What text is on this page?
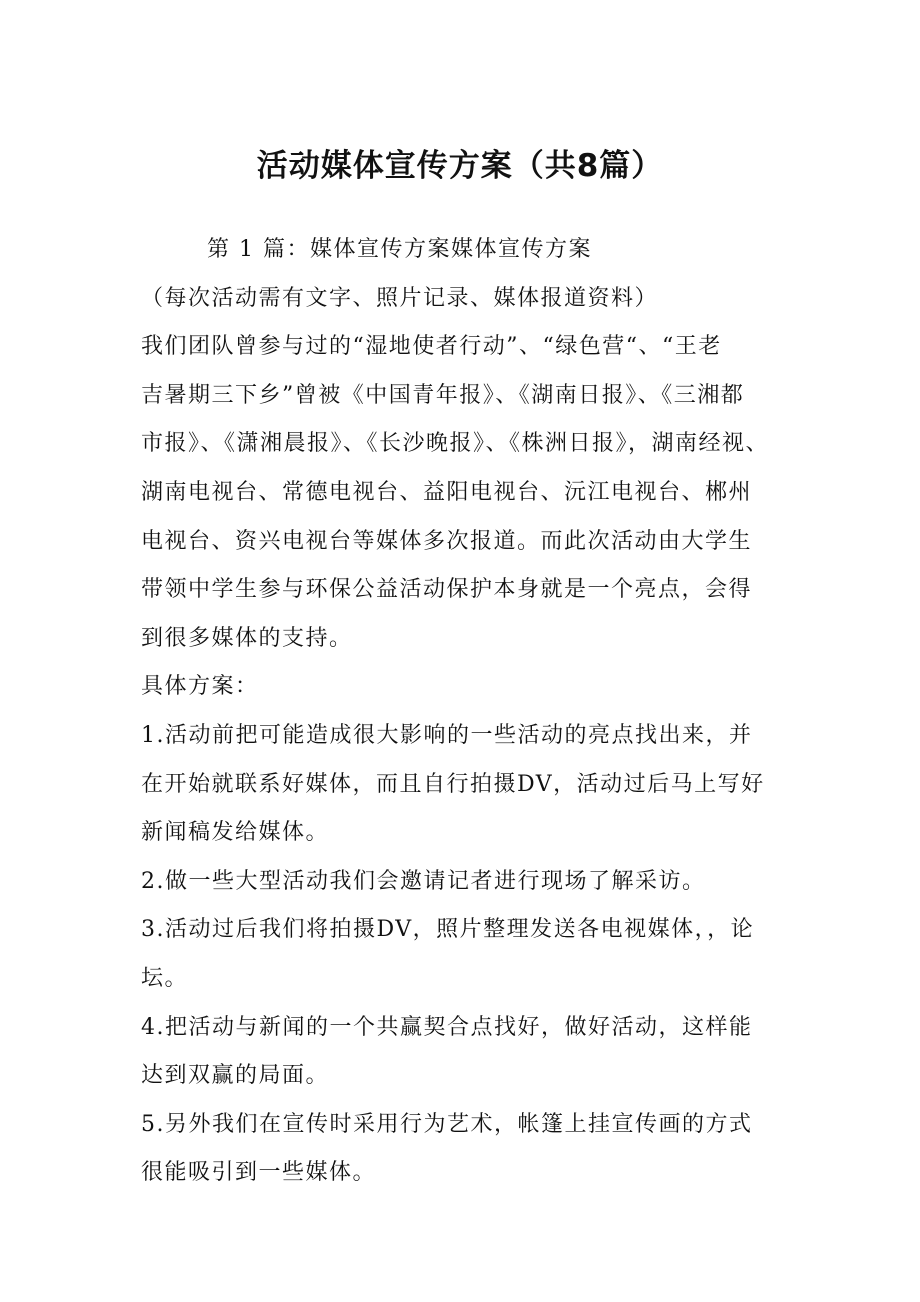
活动媒体宣传方案（共8篇）
第 1 篇：媒体宣传方案媒体宣传方案
（每次活动需有文字、照片记录、媒体报道资料）
我们团队曾参与过的“湿地使者行动”、“绿色营“、“王老
吉暑期三下乡”曾被《中国青年报》、《湖南日报》、《三湘都
市报》、《潇湘晨报》、《长沙晚报》、《株洲日报》，湖南经视、
湖南电视台、常德电视台、益阳电视台、沅江电视台、郴州
电视台、资兴电视台等媒体多次报道。而此次活动由大学生
带领中学生参与环保公益活动保护本身就是一个亮点，会得
到很多媒体的支持。
具体方案：
1.活动前把可能造成很大影响的一些活动的亮点找出来，并
在开始就联系好媒体，而且自行拍摄DV，活动过后马上写好
新闻稿发给媒体。
2.做一些大型活动我们会邀请记者进行现场了解采访。
3.活动过后我们将拍摄DV，照片整理发送各电视媒体，，论
坛。
4.把活动与新闻的一个共赢契合点找好，做好活动，这样能
达到双赢的局面。
5.另外我们在宣传时采用行为艺术，帐篷上挂宣传画的方式
很能吸引到一些媒体。
